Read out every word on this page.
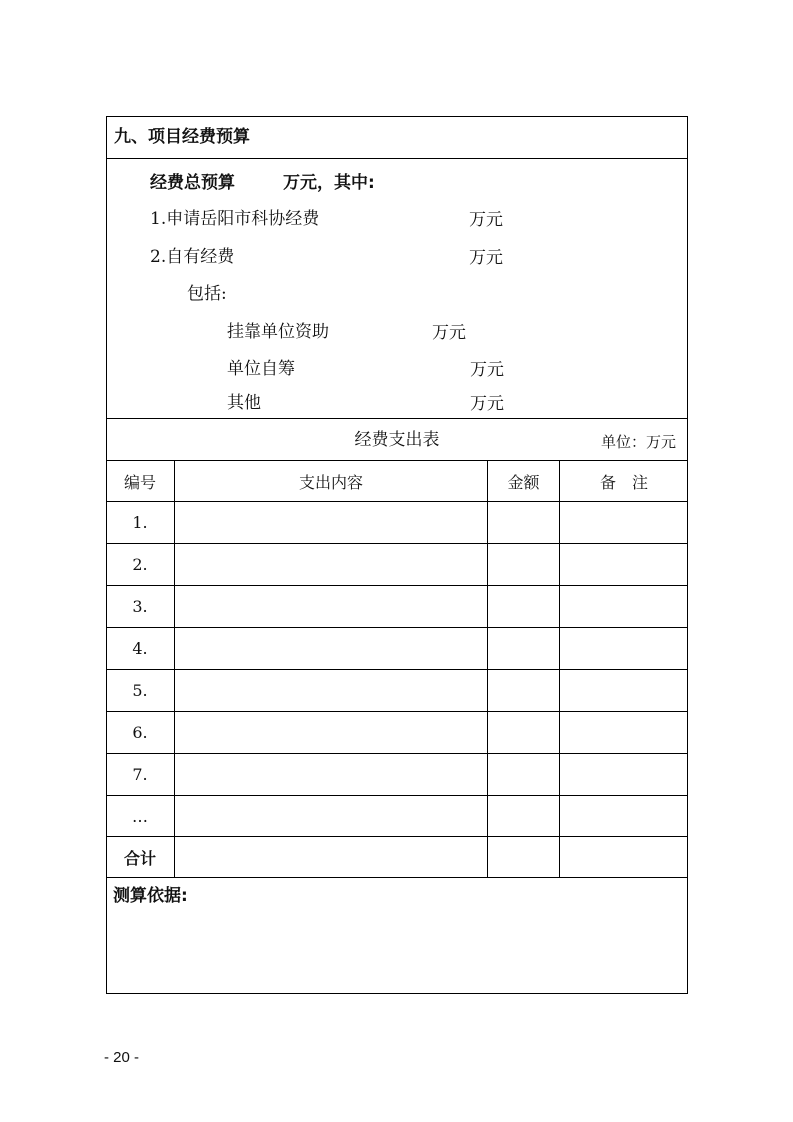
九、项目经费预算
经费总预算	万元，其中:
1.申请岳阳市科协经费	万元
2.自有经费	万元
包括:
挂靠单位资助	万元
单位自筹	万元
其他	万元
经费支出表	单位：万元
编号	支出内容	金额	备　注
1.
2.
3.
4.
5.
6.
7.
…
合计
测算依据:
- 20 -
